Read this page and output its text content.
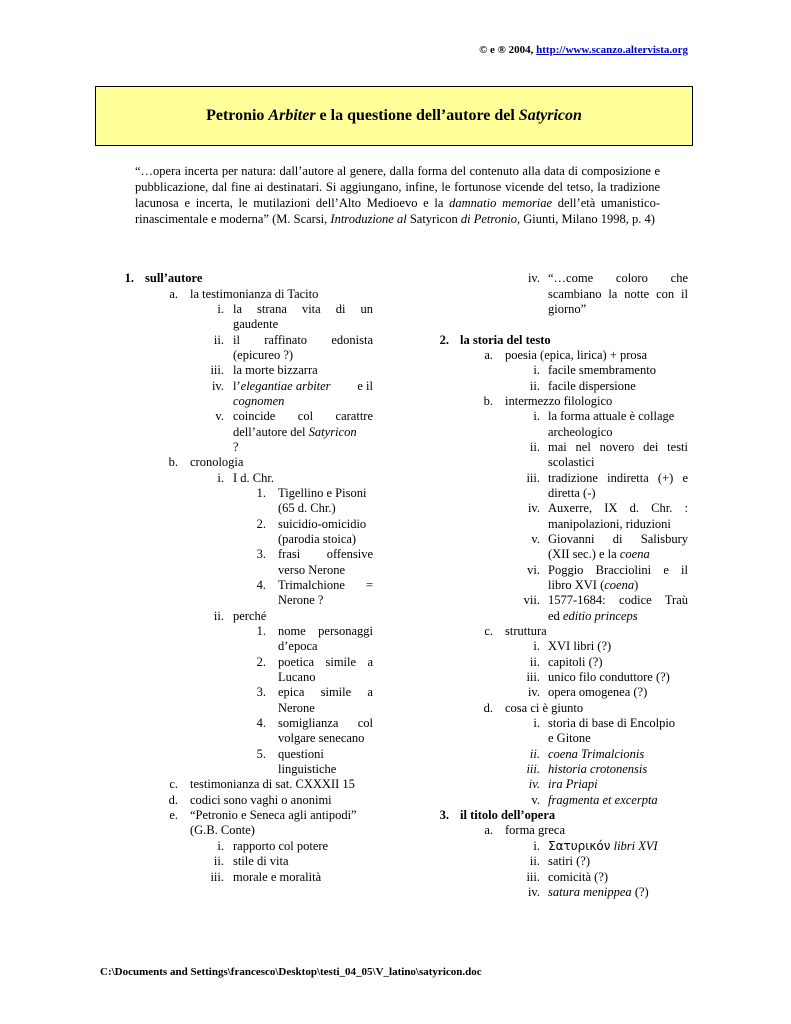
© e ® 2004, http://www.scanzo.altervista.org
Petronio Arbiter e la questione dell’autore del Satyricon
“…opera incerta per natura: dall’autore al genere, dalla forma del contenuto alla data di composizione e pubblicazione, dal fine ai destinatari. Si aggiungano, infine, le fortunose vicende del tetso, la tradizione lacunosa e incerta, le mutilazioni dell’Alto Medioevo e la damnatio memoriae dell’età umanistico-rinascimentale e moderna” (M. Scarsi, Introduzione al Satyricon di Petronio, Giunti, Milano 1998, p. 4)
1. sull’autore
a. la testimonianza di Tacito
i. la strana vita di un
gaudente
ii. il raffinato edonista
(epicureo ?)
iii. la morte bizzarra
iv. l’elegantiae arbiter e il
cognomen
v. coincide col carattre
dell’autore del Satyricon
?
b. cronologia
i. I d. Chr.
1. Tigellino e Pisoni
(65 d. Chr.)
2. suicidio-omicidio
(parodia stoica)
3. frasi offensive
verso Nerone
4. Trimalchione =
Nerone ?
ii. perché
1. nome personaggi
d’epoca
2. poetica simile a
Lucano
3. epica simile a
Nerone
4. somiglianza col
volgare senecano
5. questioni
linguistiche
c. testimonianza di sat. CXXXII 15
d. codici sono vaghi o anonimi
e. “Petronio e Seneca agli antipodi”
(G.B. Conte)
i. rapporto col potere
ii. stile di vita
iii. morale e moralità
iv. “…come coloro che
scambiano la notte con il
giorno”
2. la storia del testo
a. poesia (epica, lirica) + prosa
i. facile smembramento
ii. facile dispersione
b. intermezzo filologico
i. la forma attuale è collage
archeologico
ii. mai nel novero dei testi
scolastici
iii. tradizione indiretta (+) e
diretta (-)
iv. Auxerre, IX d. Chr. :
manipolazioni, riduzioni
v. Giovanni di Salisbury
(XII sec.) e la coena
vi. Poggio Bracciolini e il
libro XVI (coena)
vii. 1577-1684: codice Traù
ed editio princeps
c. struttura
i. XVI libri (?)
ii. capitoli (?)
iii. unico filo conduttore (?)
iv. opera omogenea (?)
d. cosa ci è giunto
i. storia di base di Encolpio
e Gitone
ii. coena Trimalcionis
iii. historia crotonensis
iv. ira Priapi
v. fragmenta et excerpta
3. il titolo dell’opera
a. forma greca
i. Σατυρικόν libri XVI
ii. satiri (?)
iii. comicità (?)
iv. satura menippea (?)
C:\Documents and Settings\francesco\Desktop\testi_04_05\V_latino\satyricon.doc
